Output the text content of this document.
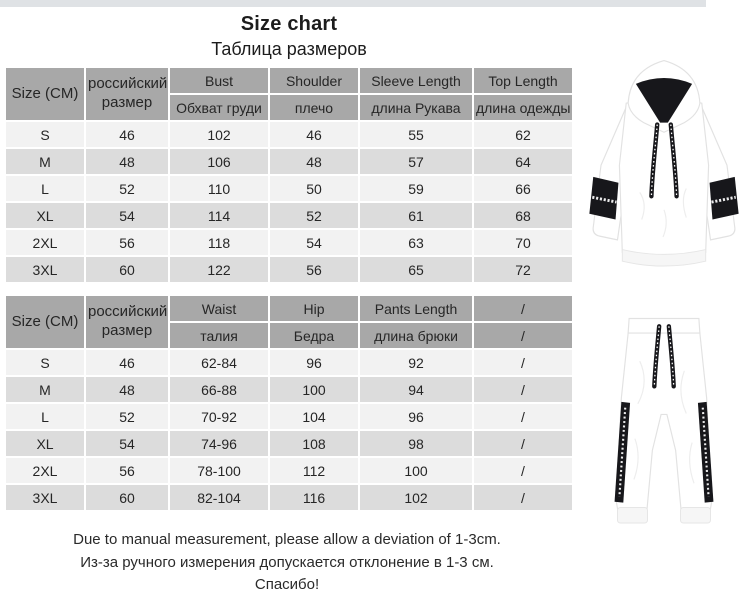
Size chart
Таблица размеров
Size (CM)	российский размер	Bust	Shoulder	Sleeve Length	Top Length
		Обхват груди	плечо	длина Рукава	длина одежды
S	46	102	46	55	62
M	48	106	48	57	64
L	52	110	50	59	66
XL	54	114	52	61	68
2XL	56	118	54	63	70
3XL	60	122	56	65	72
Size (CM)	российский размер	Waist	Hip	Pants Length	/
		талия	Бедра	длина брюки	/
S	46	62-84	96	92	/
M	48	66-88	100	94	/
L	52	70-92	104	96	/
XL	54	74-96	108	98	/
2XL	56	78-100	112	100	/
3XL	60	82-104	116	102	/
Due to manual measurement, please allow a deviation of 1-3cm.
Из-за ручного измерения допускается отклонение в 1-3 см.
Спасибо!
